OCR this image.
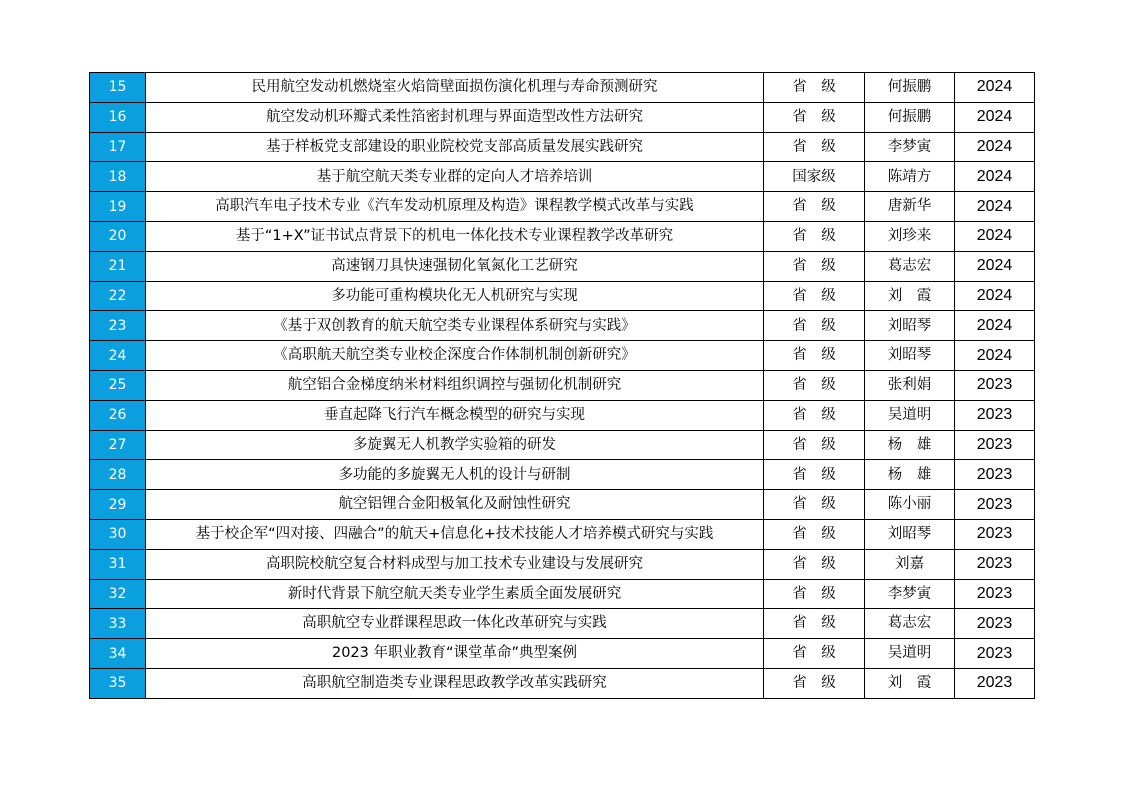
15	民用航空发动机燃烧室火焰筒壁面损伤演化机理与寿命预测研究	省　级	何振鹏	2024
16	航空发动机环瓣式柔性箔密封机理与界面造型改性方法研究	省　级	何振鹏	2024
17	基于样板党支部建设的职业院校党支部高质量发展实践研究	省　级	李梦寅	2024
18	基于航空航天类专业群的定向人才培养培训	国家级	陈靖方	2024
19	高职汽车电子技术专业《汽车发动机原理及构造》课程教学模式改革与实践	省　级	唐新华	2024
20	基于“1+X”证书试点背景下的机电一体化技术专业课程教学改革研究	省　级	刘珍来	2024
21	高速钢刀具快速强韧化氧氮化工艺研究	省　级	葛志宏	2024
22	多功能可重构模块化无人机研究与实现	省　级	刘　霞	2024
23	《基于双创教育的航天航空类专业课程体系研究与实践》	省　级	刘昭琴	2024
24	《高职航天航空类专业校企深度合作体制机制创新研究》	省　级	刘昭琴	2024
25	航空铝合金梯度纳米材料组织调控与强韧化机制研究	省　级	张利娟	2023
26	垂直起降飞行汽车概念模型的研究与实现	省　级	吴道明	2023
27	多旋翼无人机教学实验箱的研发	省　级	杨　雄	2023
28	多功能的多旋翼无人机的设计与研制	省　级	杨　雄	2023
29	航空铝锂合金阳极氧化及耐蚀性研究	省　级	陈小丽	2023
30	基于校企军“四对接、四融合”的航天+信息化+技术技能人才培养模式研究与实践	省　级	刘昭琴	2023
31	高职院校航空复合材料成型与加工技术专业建设与发展研究	省　级	刘嘉	2023
32	新时代背景下航空航天类专业学生素质全面发展研究	省　级	李梦寅	2023
33	高职航空专业群课程思政一体化改革研究与实践	省　级	葛志宏	2023
34	2023 年职业教育“课堂革命”典型案例	省　级	吴道明	2023
35	高职航空制造类专业课程思政教学改革实践研究	省　级	刘　霞	2023
